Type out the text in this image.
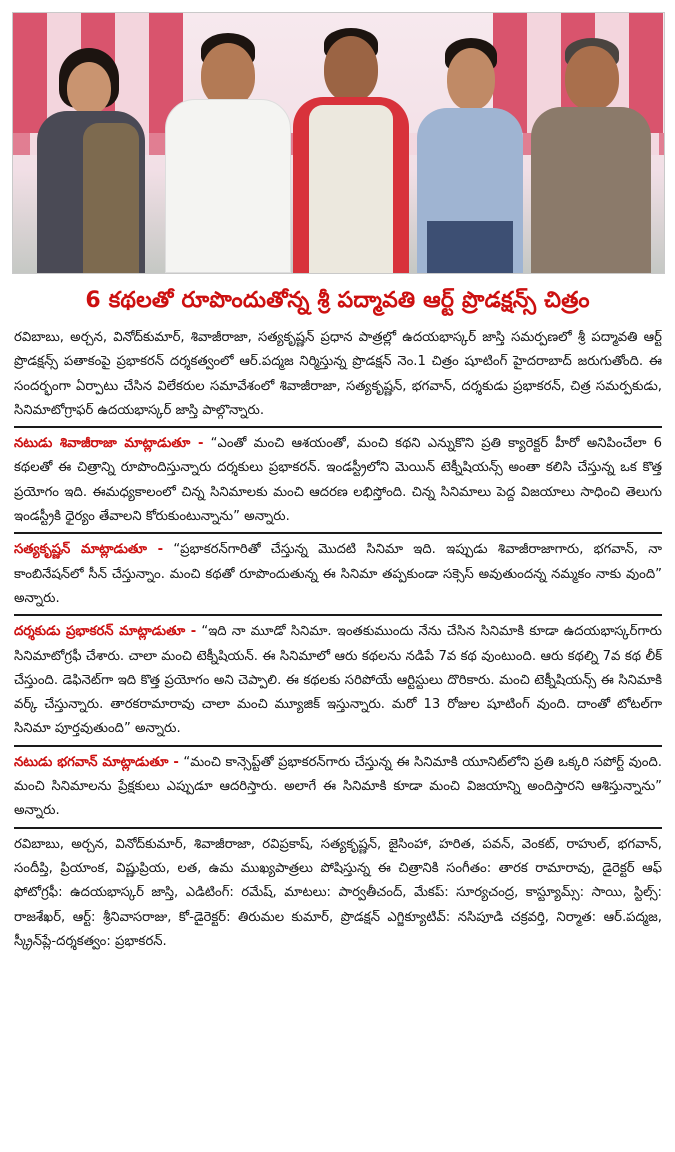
6 కథలతో రూపొందుతోన్న శ్రీ పద్మావతి ఆర్ట్ ప్రొడక్షన్స్ చిత్రం

రవిబాబు, అర్చన, వినోద్‌కుమార్, శివాజీరాజా, సత్యకృష్ణన్ ప్రధాన పాత్రల్లో ఉదయభాస్కర్ జాస్తి సమర్పణలో శ్రీ పద్మావతి ఆర్ట్ ప్రొడక్షన్స్ పతాకంపై ప్రభాకరన్ దర్శకత్వంలో ఆర్.పద్మజ నిర్మిస్తున్న ప్రొడక్షన్ నెం.1 చిత్రం షూటింగ్ హైదరాబాద్ జరుగుతోంది. ఈ సందర్భంగా ఏర్పాటు చేసిన విలేకరుల సమావేశంలో శివాజీరాజా, సత్యకృష్ణన్, భగవాన్, దర్శకుడు ప్రభాకరన్, చిత్ర సమర్పకుడు, సినిమాటోగ్రాఫర్ ఉదయభాస్కర్ జాస్తి పాల్గొన్నారు.

నటుడు శివాజీరాజా మాట్లాడుతూ - “ఎంతో మంచి ఆశయంతో, మంచి కథని ఎన్నుకొని ప్రతి క్యారెక్టర్ హీరో అనిపించేలా 6 కథలతో ఈ చిత్రాన్ని రూపొందిస్తున్నారు దర్శకులు ప్రభాకరన్. ఇండస్ట్రీలోని మెయిన్ టెక్నీషియన్స్ అంతా కలిసి చేస్తున్న ఒక కొత్త ప్రయోగం ఇది. ఈమధ్యకాలంలో చిన్న సినిమాలకు మంచి ఆదరణ లభిస్తోంది. చిన్న సినిమాలు పెద్ద విజయాలు సాధించి తెలుగు ఇండస్ట్రీకి ధైర్యం తేవాలని కోరుకుంటున్నాను” అన్నారు.

సత్యకృష్ణన్ మాట్లాడుతూ - “ప్రభాకరన్‌గారితో చేస్తున్న మొదటి సినిమా ఇది. ఇప్పుడు శివాజీరాజాగారు, భగవాన్, నా కాంబినేషన్‌లో సీన్ చేస్తున్నాం. మంచి కథతో రూపొందుతున్న ఈ సినిమా తప్పకుండా సక్సెస్ అవుతుందన్న నమ్మకం నాకు వుంది” అన్నారు.

దర్శకుడు ప్రభాకరన్ మాట్లాడుతూ - “ఇది నా మూడో సినిమా. ఇంతకుముందు నేను చేసిన సినిమాకి కూడా ఉదయభాస్కర్‌గారు సినిమాటోగ్రఫీ చేశారు. చాలా మంచి టెక్నీషియన్. ఈ సినిమాలో ఆరు కథలను నడిపే 7వ కథ వుంటుంది. ఆరు కథల్ని 7వ కథ లీక్ చేస్తుంది. డెఫినెట్‌గా ఇది కొత్త ప్రయోగం అని చెప్పాలి. ఈ కథలకు సరిపోయే ఆర్టిస్టులు దొరికారు. మంచి టెక్నీషియన్స్ ఈ సినిమాకి వర్క్ చేస్తున్నారు. తారకరామారావు చాలా మంచి మ్యూజిక్ ఇస్తున్నారు. మరో 13 రోజుల షూటింగ్ వుంది. దాంతో టోటల్‌గా సినిమా పూర్తవుతుంది” అన్నారు.

నటుడు భగవాన్ మాట్లాడుతూ - “మంచి కాన్సెప్ట్‌తో ప్రభాకరన్‌గారు చేస్తున్న ఈ సినిమాకి యూనిట్‌లోని ప్రతి ఒక్కరి సపోర్ట్ వుంది. మంచి సినిమాలను ప్రేక్షకులు ఎప్పుడూ ఆదరిస్తారు. అలాగే ఈ సినిమాకి కూడా మంచి విజయాన్ని అందిస్తారని ఆశిస్తున్నాను” అన్నారు.

రవిబాబు, అర్చన, వినోద్‌కుమార్, శివాజీరాజా, రవిప్రకాష్, సత్యకృష్ణన్, జైసింహా, హరిత, పవన్, వెంకట్, రాహుల్, భగవాన్, సందీప్తి, ప్రియాంక, విష్ణుప్రియ, లత, ఉమ ముఖ్యపాత్రలు పోషిస్తున్న ఈ చిత్రానికి సంగీతం: తారక రామారావు, డైరెక్టర్ ఆఫ్ ఫోటోగ్రఫీ: ఉదయభాస్కర్ జాస్తి, ఎడిటింగ్: రమేష్, మాటలు: పార్వతీచంద్, మేకప్: సూర్యచంద్ర, కాస్ట్యూమ్స్: సాయి, స్టిల్స్: రాజశేఖర్, ఆర్ట్: శ్రీనివాసరాజు, కో-డైరెక్టర్: తిరుమల కుమార్, ప్రొడక్షన్ ఎగ్జిక్యూటివ్: నసిపూడి చక్రవర్తి, నిర్మాత: ఆర్.పద్మజ, స్క్రీన్‌ప్లే-దర్శకత్వం: ప్రభాకరన్.
